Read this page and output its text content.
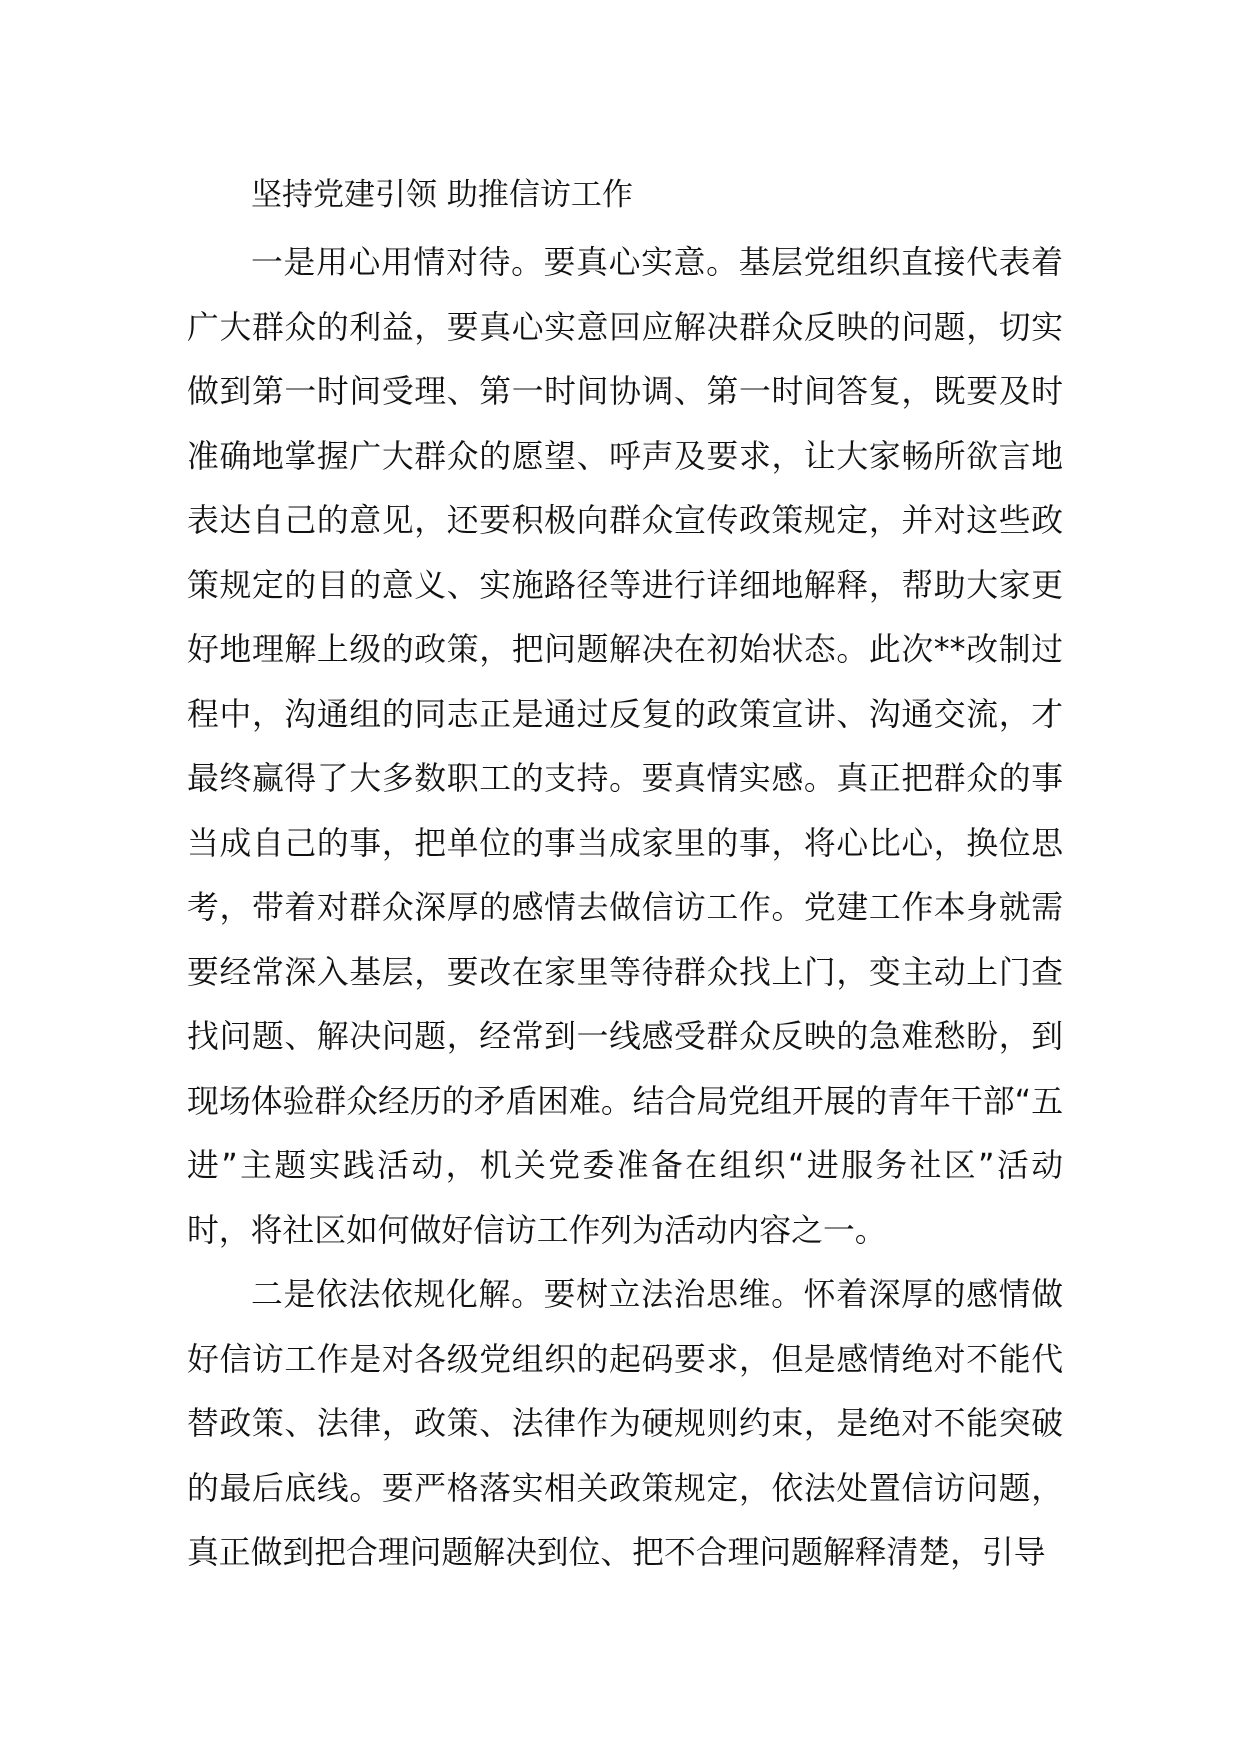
坚持党建引领 助推信访工作

一是用心用情对待。要真心实意。基层党组织直接代表着广大群众的利益，要真心实意回应解决群众反映的问题，切实做到第一时间受理、第一时间协调、第一时间答复，既要及时准确地掌握广大群众的愿望、呼声及要求，让大家畅所欲言地表达自己的意见，还要积极向群众宣传政策规定，并对这些政策规定的目的意义、实施路径等进行详细地解释，帮助大家更好地理解上级的政策，把问题解决在初始状态。此次**改制过程中，沟通组的同志正是通过反复的政策宣讲、沟通交流，才最终赢得了大多数职工的支持。要真情实感。真正把群众的事当成自己的事，把单位的事当成家里的事，将心比心，换位思考，带着对群众深厚的感情去做信访工作。党建工作本身就需要经常深入基层，要改在家里等待群众找上门，变主动上门查找问题、解决问题，经常到一线感受群众反映的急难愁盼，到现场体验群众经历的矛盾困难。结合局党组开展的青年干部“五进”主题实践活动，机关党委准备在组织“进服务社区”活动时，将社区如何做好信访工作列为活动内容之一。

二是依法依规化解。要树立法治思维。怀着深厚的感情做好信访工作是对各级党组织的起码要求，但是感情绝对不能代替政策、法律，政策、法律作为硬规则约束，是绝对不能突破的最后底线。要严格落实相关政策规定，依法处置信访问题，真正做到把合理问题解决到位、把不合理问题解释清楚，引导
